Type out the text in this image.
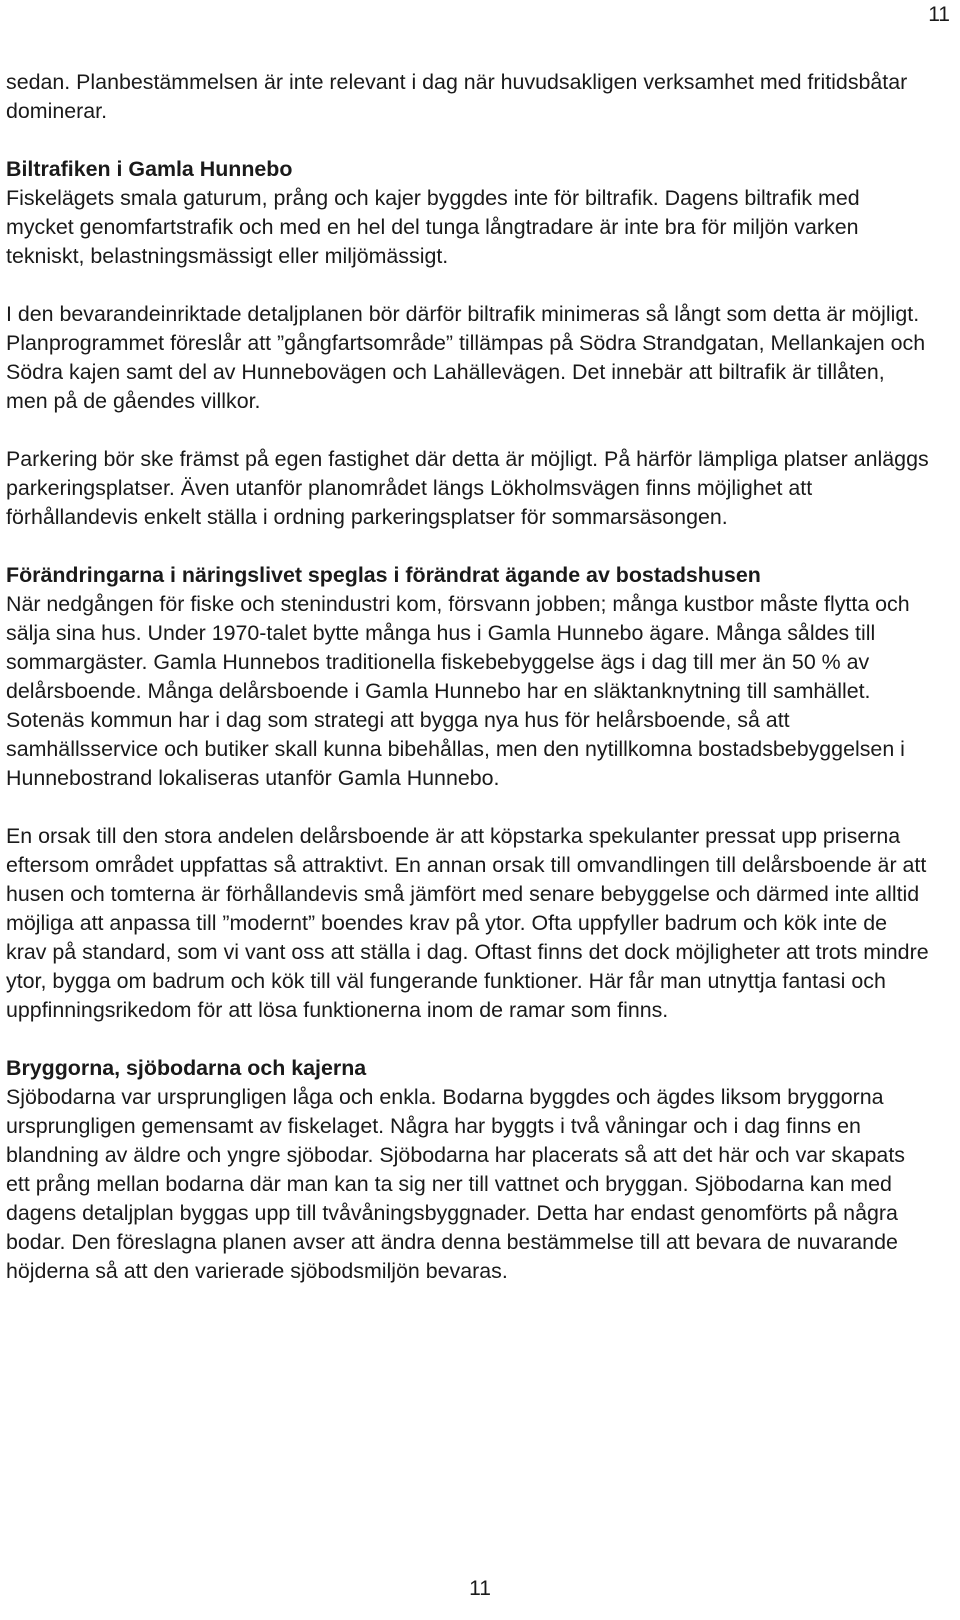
11

sedan. Planbestämmelsen är inte relevant i dag när huvudsakligen verksamhet med fritidsbåtar dominerar.

Biltrafiken i Gamla Hunnebo

Fiskelägets smala gaturum, prång och kajer byggdes inte för biltrafik. Dagens biltrafik med mycket genomfartstrafik och med en hel del tunga långtradare är inte bra för miljön varken tekniskt, belastningsmässigt eller miljömässigt.

I den bevarandeinriktade detaljplanen bör därför biltrafik minimeras så långt som detta är möjligt. Planprogrammet föreslår att ”gångfartsområde” tillämpas på Södra Strandgatan, Mellankajen och Södra kajen samt del av Hunnebovägen och Lahällevägen. Det innebär att biltrafik är tillåten, men på de gåendes villkor.

Parkering bör ske främst på egen fastighet där detta är möjligt. På härför lämpliga platser anläggs parkeringsplatser. Även utanför planområdet längs Lökholmsvägen finns möjlighet att förhållandevis enkelt ställa i ordning parkeringsplatser för sommarsäsongen.

Förändringarna i näringslivet speglas i förändrat ägande av bostadshusen

När nedgången för fiske och stenindustri kom, försvann jobben; många kustbor måste flytta och sälja sina hus. Under 1970-talet bytte många hus i Gamla Hunnebo ägare. Många såldes till sommargäster. Gamla Hunnebos traditionella fiskebebyggelse ägs i dag till mer än 50 % av delårsboende. Många delårsboende i Gamla Hunnebo har en släktanknytning till samhället.

Sotenäs kommun har i dag som strategi att bygga nya hus för helårsboende, så att samhällsservice och butiker skall kunna bibehållas, men den nytillkomna bostadsbebyggelsen i Hunnebostrand lokaliseras utanför Gamla Hunnebo.

En orsak till den stora andelen delårsboende är att köpstarka spekulanter pressat upp priserna eftersom området uppfattas så attraktivt. En annan orsak till omvandlingen till delårsboende är att husen och tomterna är förhållandevis små jämfört med senare bebyggelse och därmed inte alltid möjliga att anpassa till ”modernt” boendes krav på ytor. Ofta uppfyller badrum och kök inte de krav på standard, som vi vant oss att ställa i dag. Oftast finns det dock möjligheter att trots mindre ytor, bygga om badrum och kök till väl fungerande funktioner. Här får man utnyttja fantasi och uppfinningsrikedom för att lösa funktionerna inom de ramar som finns.

Bryggorna, sjöbodarna och kajerna

Sjöbodarna var ursprungligen låga och enkla. Bodarna byggdes och ägdes liksom bryggorna ursprungligen gemensamt av fiskelaget. Några har byggts i två våningar och i dag finns en blandning av äldre och yngre sjöbodar. Sjöbodarna har placerats så att det här och var skapats ett prång mellan bodarna där man kan ta sig ner till vattnet och bryggan. Sjöbodarna kan med dagens detaljplan byggas upp till tvåvåningsbyggnader. Detta har endast genomförts på några bodar. Den föreslagna planen avser att ändra denna bestämmelse till att bevara de nuvarande höjderna så att den varierade sjöbodsmiljön bevaras.

11
